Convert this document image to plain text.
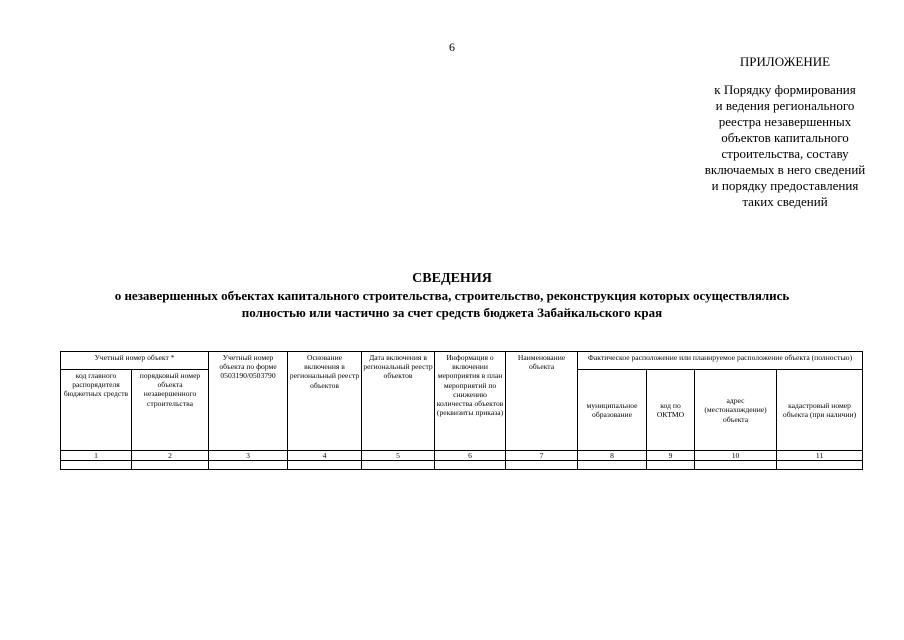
6
ПРИЛОЖЕНИЕ
к Порядку формирования
и ведения регионального
реестра незавершенных
объектов капитального
строительства, составу
включаемых в него сведений
и порядку предоставления
таких сведений
СВЕДЕНИЯ
о незавершенных объектах капитального строительства, строительство, реконструкция которых осуществлялись
полностью или частично за счет средств бюджета Забайкальского края
Учетный номер объект *		Учетный номер объекта по форме 0503190/0503790	Основание включения в региональный реестр объектов	Дата включения в региональный реестр объектов	Информация о включении мероприятия в план мероприятий по снижению количества объектов (реквизиты приказа)	Наименование объекта	Фактическое расположение или планируемое расположение объекта (полностью)			
код главного распорядителя бюджетных средств	порядковый номер объекта незавершенного строительства						муниципальное образование	код по ОКТМО	адрес (местонахождение) объекта	кадастровый номер объекта (при наличии)
1	2	3	4	5	6	7	8	9	10	11
